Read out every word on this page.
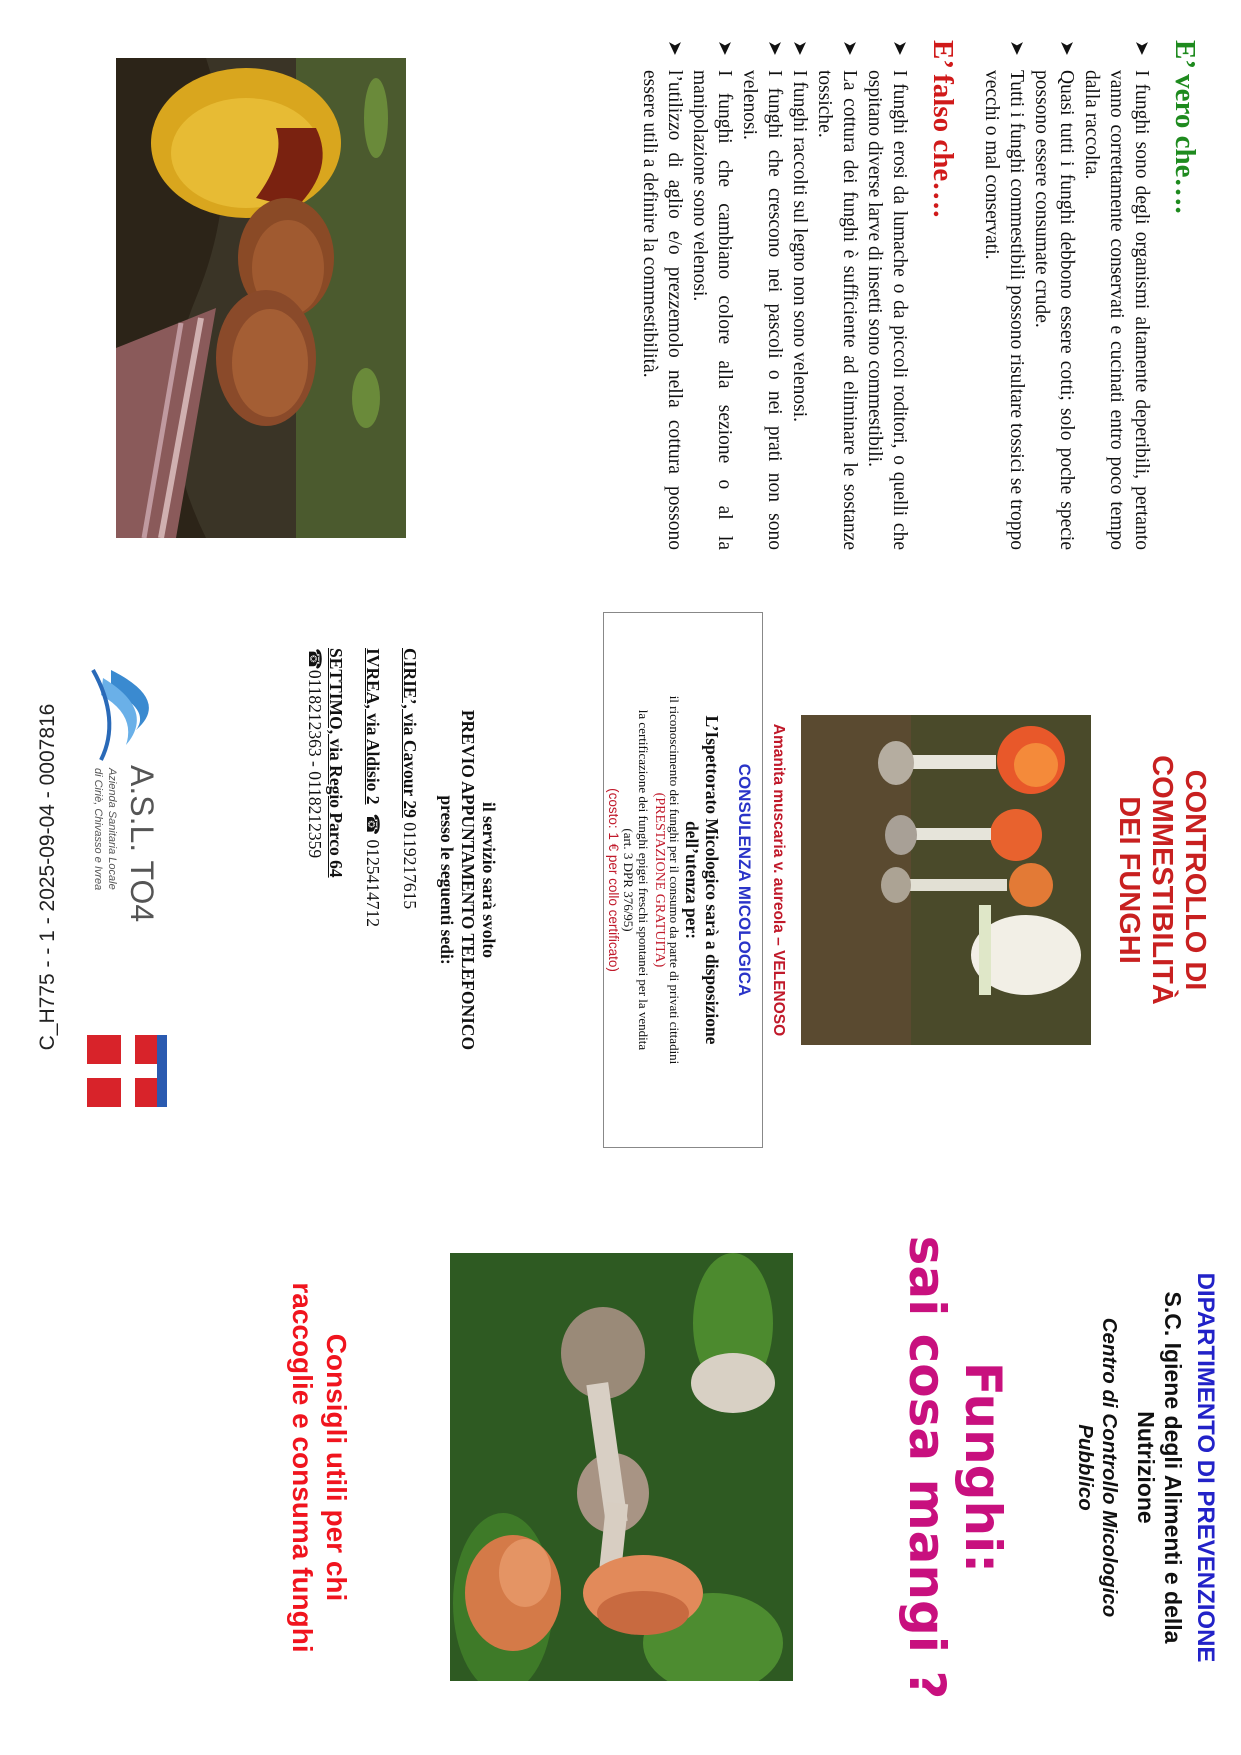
C_H775 - - 1 - 2025-09-04 - 0007816
E’ vero che….
➤
I funghi sono degli organismi altamente deperibili, pertanto vanno correttamente conservati e cucinati entro poco tempo dalla raccolta.
➤
Quasi tutti i funghi debbono essere cotti; solo poche specie possono essere consumate crude.
➤
Tutti i funghi commestibili possono risultare tossici se troppo vecchi o mal conservati.
E’ falso che….
➤
I funghi erosi da lumache o da piccoli roditori, o quelli che ospitano diverse larve di insetti sono commestibili.
➤
La cottura dei funghi è sufficiente ad eliminare le sostanze tossiche.
➤
I funghi raccolti sul legno non sono velenosi.
➤
I funghi che crescono nei pascoli o nei prati non sono velenosi.
➤
I funghi che cambiano colore alla sezione o al la manipolazione sono velenosi.
➤
l’utilizzo di aglio e/o prezzemolo nella cottura possono essere utili a definire la commestibilità.
CONTROLLO DI COMMESTIBILITÀ
DEI FUNGHI
Amanita muscaria v. aureola – VELENOSO
CONSULENZA MICOLOGICA
L’Ispettorato Micologico sarà a disposizione
dell’utenza per:
il riconoscimento dei funghi per il consumo da parte di privati cittadini
(PRESTAZIONE GRATUITA)
la certificazione dei funghi epigei freschi spontanei per la vendita
(art. 3 DPR 376/95)
(costo: 1 € per collo certificato)
il servizio sarà svolto
PREVIO APPUNTAMENTO TELEFONICO
presso le seguenti sedi:
CIRIE’, via Cavour 29 0119217615
IVREA, via Aldisio 2  ☎ 0125414712
SETTIMO, via Regio Parco 64
☎0118212363 - 0118212359
A.S.L. TO4
Azienda Sanitaria Locale
di Ciriè, Chivasso e Ivrea
DIPARTIMENTO DI PREVENZIONE
S.C. Igiene degli Alimenti e della
Nutrizione
Centro di Controllo Micologico
Pubblico
Funghi:
sai cosa mangi ?
Consigli utili per chi
raccoglie e consuma funghi
